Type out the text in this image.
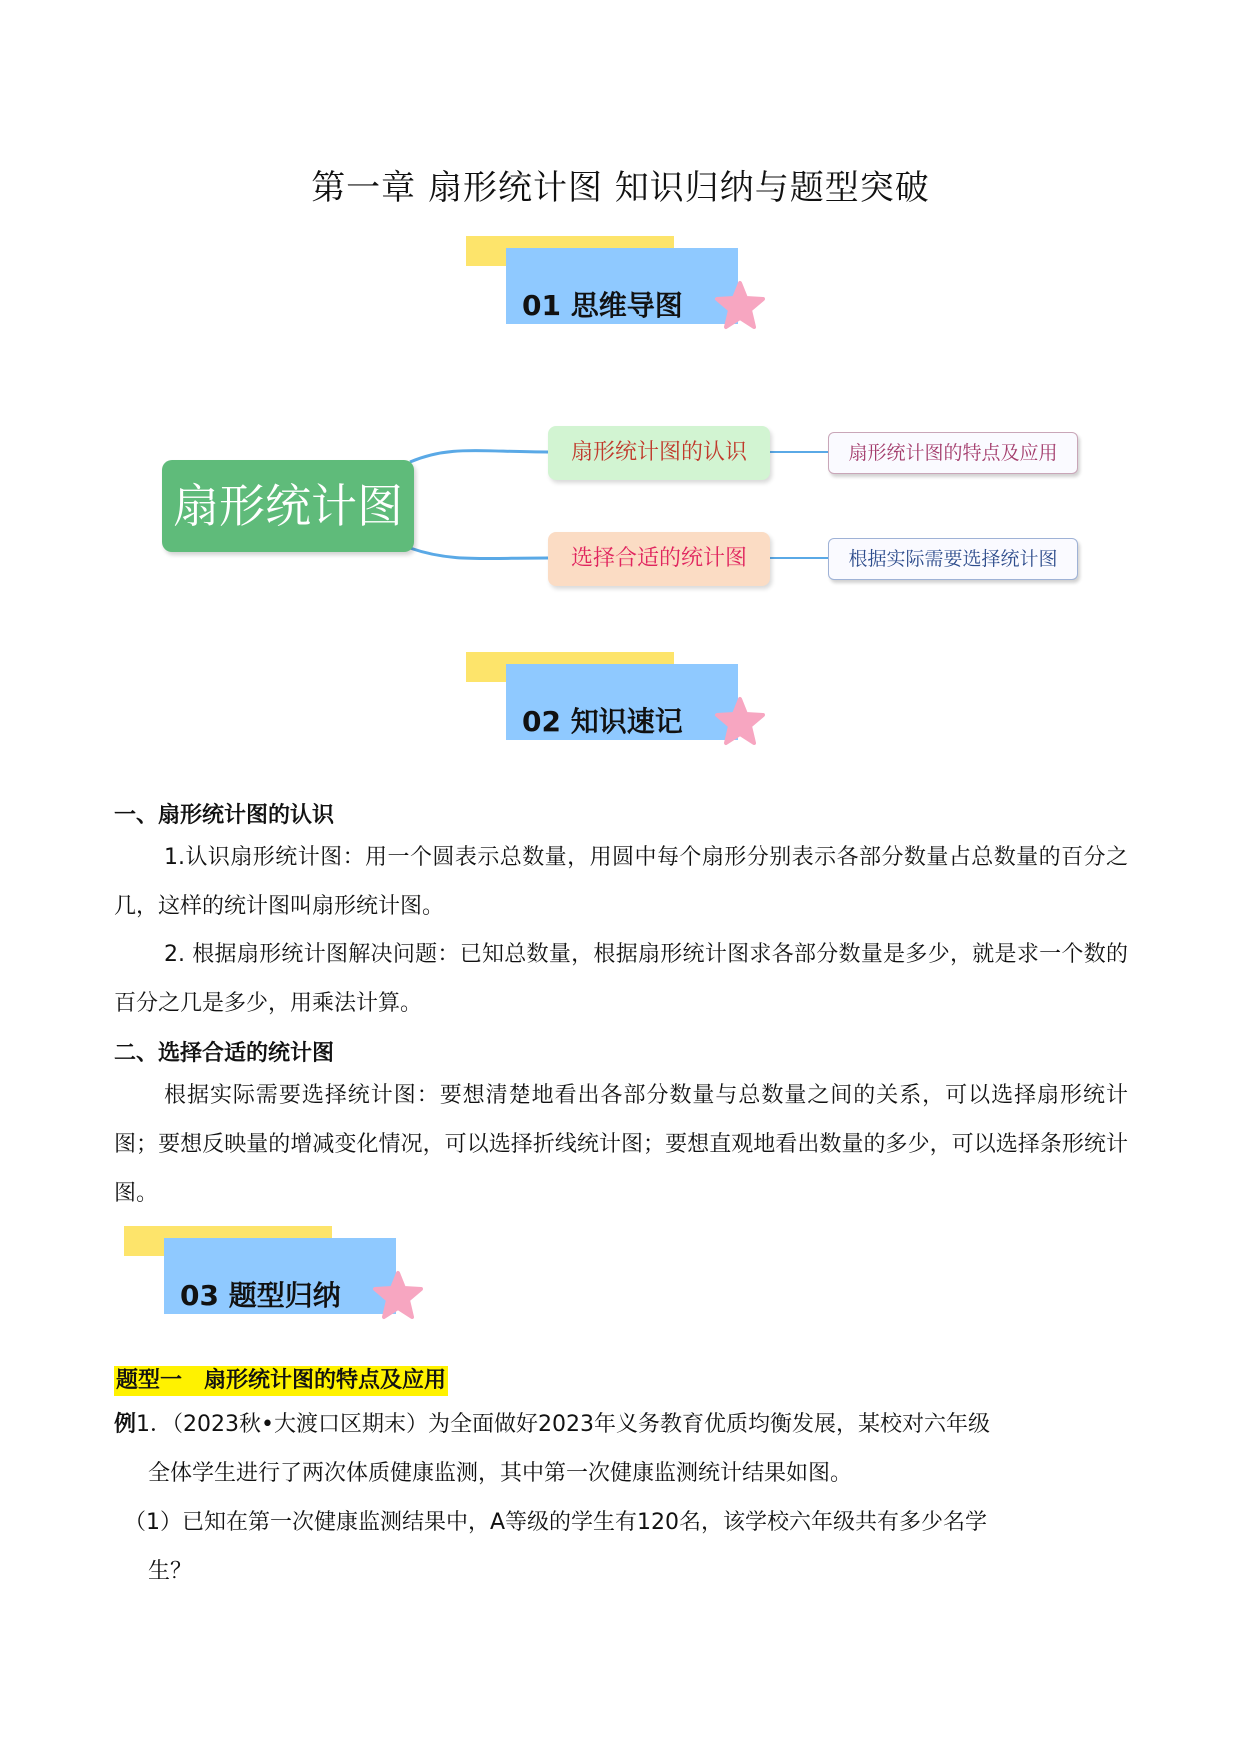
第一章 扇形统计图 知识归纳与题型突破
01 思维导图
扇形统计图
扇形统计图的认识
选择合适的统计图
扇形统计图的特点及应用
根据实际需要选择统计图
02 知识速记
一、扇形统计图的认识
1.认识扇形统计图：用一个圆表示总数量，用圆中每个扇形分别表示各部分数量占总数量的百分之几，这样的统计图叫扇形统计图。
2. 根据扇形统计图解决问题：已知总数量，根据扇形统计图求各部分数量是多少，就是求一个数的百分之几是多少，用乘法计算。
二、选择合适的统计图
根据实际需要选择统计图：要想清楚地看出各部分数量与总数量之间的关系，可以选择扇形统计图；要想反映量的增减变化情况，可以选择折线统计图；要想直观地看出数量的多少，可以选择条形统计图。
03 题型归纳
题型一　扇形统计图的特点及应用
例1．（2023秋•大渡口区期末）为全面做好2023年义务教育优质均衡发展，某校对六年级
全体学生进行了两次体质健康监测，其中第一次健康监测统计结果如图。
（1）已知在第一次健康监测结果中，A等级的学生有120名，该学校六年级共有多少名学
生？
